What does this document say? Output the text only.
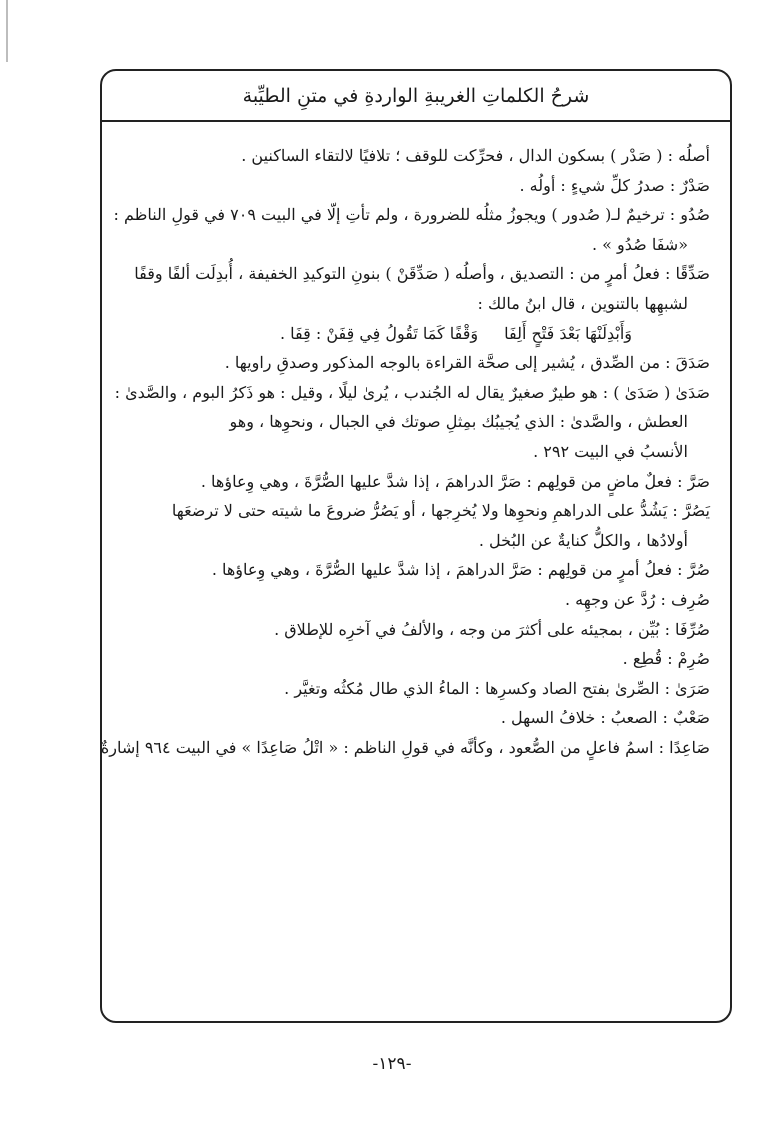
شرحُ الكلماتِ الغريبةِ الواردةِ في متنِ الطيِّبة
أصلُه : ( صَدْر ) بسكون الدال ، فحرِّكت للوقف ؛ تلافيًا لالتقاء الساكنين .
صَدْرٌ : صدرُ كلِّ شيءٍ : أولُه .
صُدُو : ترخيمٌ لـ( صُدور ) ويجوزُ مثلُه للضرورة ، ولم تأتِ إلّا في البيت ٧٠٩ في قولِ الناظم :
«شفَا صُدُو » .
صَدِّقًا : فعلُ أمرٍ من : التصديق ، وأصلُه ( صَدِّقَنْ ) بنونِ التوكيدِ الخفيفة ، أُبدِلَت ألفًا وقفًا
لشبهِها بالتنوين ، قال ابنُ مالك :
وَأَبْدِلَنْهَا بَعْدَ فَتْحٍ أَلِفَا
وَقْفًا كَمَا تَقُولُ فِي قِفَنْ : قِفَا .
صَدَقَ : من الصِّدق ، يُشير إلى صحَّة القراءة بالوجه المذكور وصدقِ راويها .
صَدَىٰ ( صَدَىٰ ) : هو طيرٌ صغيرٌ يقال له الجُندب ، يُرىٰ ليلًا ، وقيل : هو ذَكرُ البوم ، والصَّدىٰ :
العطش ، والصَّدىٰ : الذي يُجيبُك بمِثلِ صوتك في الجبال ، ونحوِها ، وهو
الأنسبُ في البيت ٢٩٢ .
صَرَّ : فعلٌ ماضٍ من قولِهم : صَرَّ الدراهمَ ، إذا شدَّ عليها الصُّرَّةَ ، وهي وِعاؤها .
يَصُرَّ : يَشُدُّ على الدراهمِ ونحوِها ولا يُخرِجها ، أو يَصُرُّ ضروعَ ما شيته حتى لا ترضعَها
أولادُها ، والكلُّ كنايةٌ عن البُخل .
صُرَّ : فعلُ أمرٍ من قولِهم : صَرَّ الدراهمَ ، إذا شدَّ عليها الصُّرَّةَ ، وهي وِعاؤها .
صُرِف : رُدَّ عن وجهِه .
صُرِّفَا : بُيِّن ، بمجيئه على أكثرَ من وجه ، والألفُ في آخرِه للإطلاق .
صُرِمْ : قُطِع .
صَرَىٰ : الصِّرىٰ بفتح الصاد وكسرِها : الماءُ الذي طال مُكثُه وتغيَّر .
صَعْبٌ : الصعبُ : خلافُ السهل .
صَاعِدًا : اسمُ فاعلٍ من الصُّعود ، وكأنَّه في قولِ الناظم : « اتْلُ صَاعِدًا » في البيت ٩٦٤ إشارةٌ
-١٢٩-
